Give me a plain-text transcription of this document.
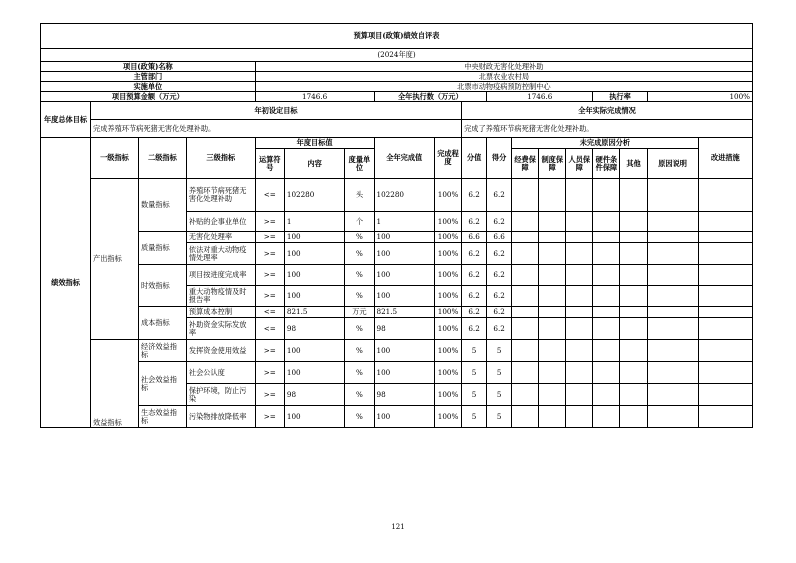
预算项目(政策)绩效自评表																	
(2024年度)																	
项目(政策)名称				中央财政无害化处理补助													
主管部门				北票农业农村局													
实施单位				北票市动物疫病预防控制中心													
项目预算金额（万元）				1746.6			全年执行数（万元）			1746.6				执行率		100%	
年度总体目标	年初设定目标								全年实际完成情况								
	完成养殖环节病死猪无害化处理补助。								完成了养殖环节病死猪无害化处理补助。								
绩效指标	一级指标	二级指标	三级指标	年度目标值			全年完成值	完成程度	分值	得分	未完成原因分析						改进措施
				运算符号	内容	度量单位					经费保障	制度保障	人员保障	硬件条件保障	其他	原因说明	

	产出指标	数量指标	养殖环节病死猪无害化处理补助	<=	102280	头	102280	100%	6.2	6.2							
			补贴的企事业单位	>=	1	个	1	100%	6.2	6.2							
		质量指标	无害化处理率	>=	100	%	100	100%	6.6	6.6							
			依法对重大动物疫情处理率	>=	100	%	100	100%	6.2	6.2							
		时效指标	项目按进度完成率	>=	100	%	100	100%	6.2	6.2							
			重大动物疫情及时报告率	>=	100	%	100	100%	6.2	6.2							
		成本指标	预算成本控制	<=	821.5	万元	821.5	100%	6.2	6.2							
			补助资金实际发放率	<=	98	%	98	100%	6.2	6.2							
	效益指标	经济效益指标	发挥资金使用效益	>=	100	%	100	100%	5	5							
		社会效益指标	社会公认度	>=	100	%	100	100%	5	5							
			保护环境，防止污染	>=	98	%	98	100%	5	5							
		生态效益指标	污染物排放降低率	>=	100	%	100	100%	5	5							
121
